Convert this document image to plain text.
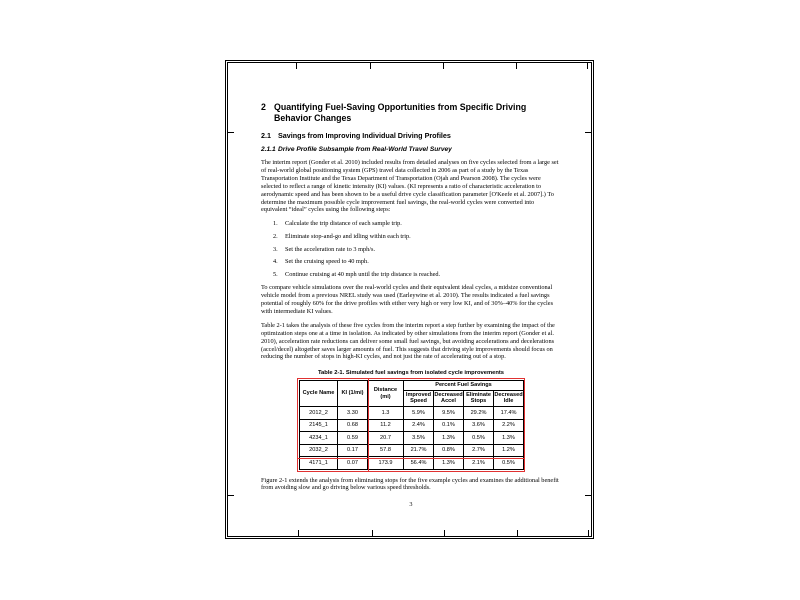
2 Quantifying Fuel-Saving Opportunities from Specific Driving Behavior Changes
2.1 Savings from Improving Individual Driving Profiles
2.1.1 Drive Profile Subsample from Real-World Travel Survey

The interim report (Gonder et al. 2010) included results from detailed analyses on five cycles selected from a large set of real-world global positioning system (GPS) travel data collected in 2006 as part of a study by the Texas Transportation Institute and the Texas Department of Transportation (Ojah and Pearson 2008). The cycles were selected to reflect a range of kinetic intensity (KI) values. (KI represents a ratio of characteristic acceleration to aerodynamic speed and has been shown to be a useful drive cycle classification parameter [O'Keefe et al. 2007].) To determine the maximum possible cycle improvement fuel savings, the real-world cycles were converted into equivalent “ideal” cycles using the following steps:

1.	Calculate the trip distance of each sample trip.
2.	Eliminate stop-and-go and idling within each trip.
3.	Set the acceleration rate to 3 mph/s.
4.	Set the cruising speed to 40 mph.
5.	Continue cruising at 40 mph until the trip distance is reached.

To compare vehicle simulations over the real-world cycles and their equivalent ideal cycles, a midsize conventional vehicle model from a previous NREL study was used (Earleywine et al. 2010). The results indicated a fuel savings potential of roughly 60% for the drive profiles with either very high or very low KI, and of 30%–40% for the cycles with intermediate KI values.

Table 2-1 takes the analysis of these five cycles from the interim report a step further by examining the impact of the optimization steps one at a time in isolation. As indicated by other simulations from the interim report (Gonder et al. 2010), acceleration rate reductions can deliver some small fuel savings, but avoiding accelerations and decelerations (accel/decel) altogether saves larger amounts of fuel. This suggests that driving style improvements should focus on reducing the number of stops in high-KI cycles, and not just the rate of accelerating out of a stop.

Table 2-1. Simulated fuel savings from isolated cycle improvements
Cycle Name	KI (1/mi)	Distance (mi)	Percent Fuel Savings			
			Improved Speed	Decreased Accel	Eliminate Stops	Decreased Idle
2012_2	3.30	1.3	5.9%	9.5%	29.2%	17.4%
2145_1	0.68	11.2	2.4%	0.1%	3.6%	2.2%
4234_1	0.59	20.7	3.5%	1.3%	0.5%	1.3%
2032_2	0.17	57.8	21.7%	0.8%	2.7%	1.2%
4171_1	0.07	173.9	56.4%	1.3%	2.1%	0.5%

Figure 2-1 extends the analysis from eliminating stops for the five example cycles and examines the additional benefit from avoiding slow and go driving below various speed thresholds.

3
